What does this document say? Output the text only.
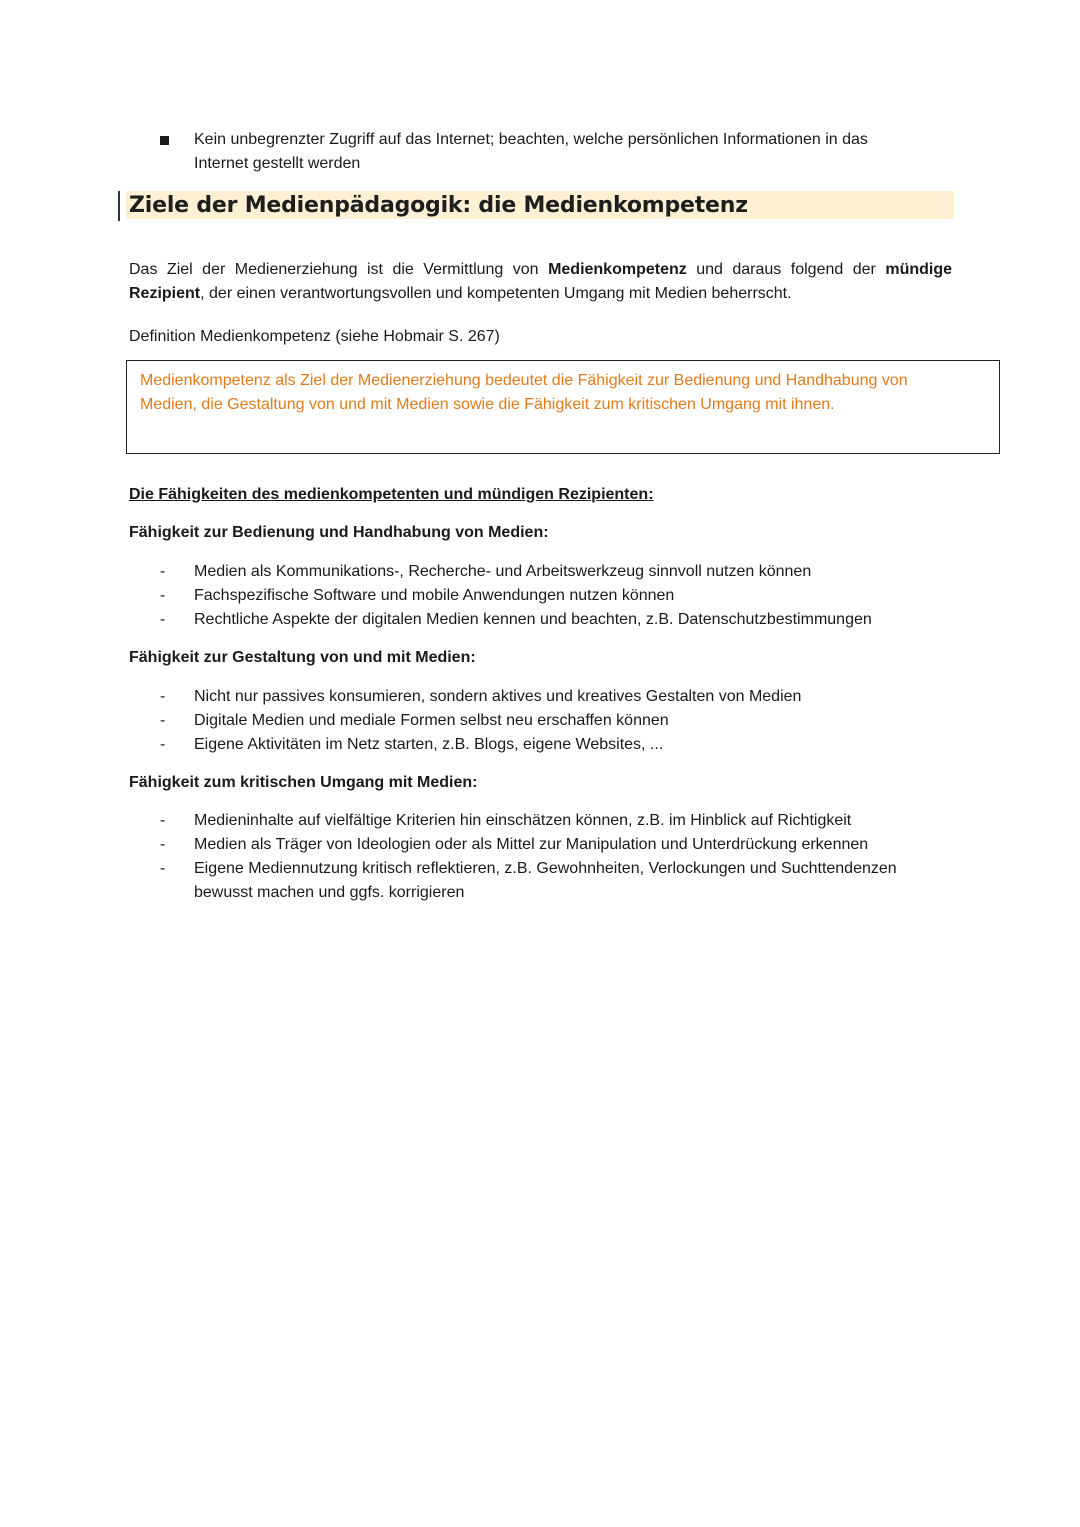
Kein unbegrenzter Zugriff auf das Internet; beachten, welche persönlichen Informationen in das Internet gestellt werden
Ziele der Medienpädagogik: die Medienkompetenz

Das Ziel der Medienerziehung ist die Vermittlung von Medienkompetenz und daraus folgend der mündige Rezipient, der einen verantwortungsvollen und kompetenten Umgang mit Medien beherrscht.

Definition Medienkompetenz (siehe Hobmair S. 267)
Medienkompetenz als Ziel der Medienerziehung bedeutet die Fähigkeit zur Bedienung und Handhabung von Medien, die Gestaltung von und mit Medien sowie die Fähigkeit zum kritischen Umgang mit ihnen.
Die Fähigkeiten des medienkompetenten und mündigen Rezipienten:
Fähigkeit zur Bedienung und Handhabung von Medien:
- Medien als Kommunikations-, Recherche- und Arbeitswerkzeug sinnvoll nutzen können
- Fachspezifische Software und mobile Anwendungen nutzen können
- Rechtliche Aspekte der digitalen Medien kennen und beachten, z.B. Datenschutzbestimmungen
Fähigkeit zur Gestaltung von und mit Medien:
- Nicht nur passives konsumieren, sondern aktives und kreatives Gestalten von Medien
- Digitale Medien und mediale Formen selbst neu erschaffen können
- Eigene Aktivitäten im Netz starten, z.B. Blogs, eigene Websites, ...
Fähigkeit zum kritischen Umgang mit Medien:
- Medieninhalte auf vielfältige Kriterien hin einschätzen können, z.B. im Hinblick auf Richtigkeit
- Medien als Träger von Ideologien oder als Mittel zur Manipulation und Unterdrückung erkennen
- Eigene Mediennutzung kritisch reflektieren, z.B. Gewohnheiten, Verlockungen und Suchttendenzen bewusst machen und ggfs. korrigieren
